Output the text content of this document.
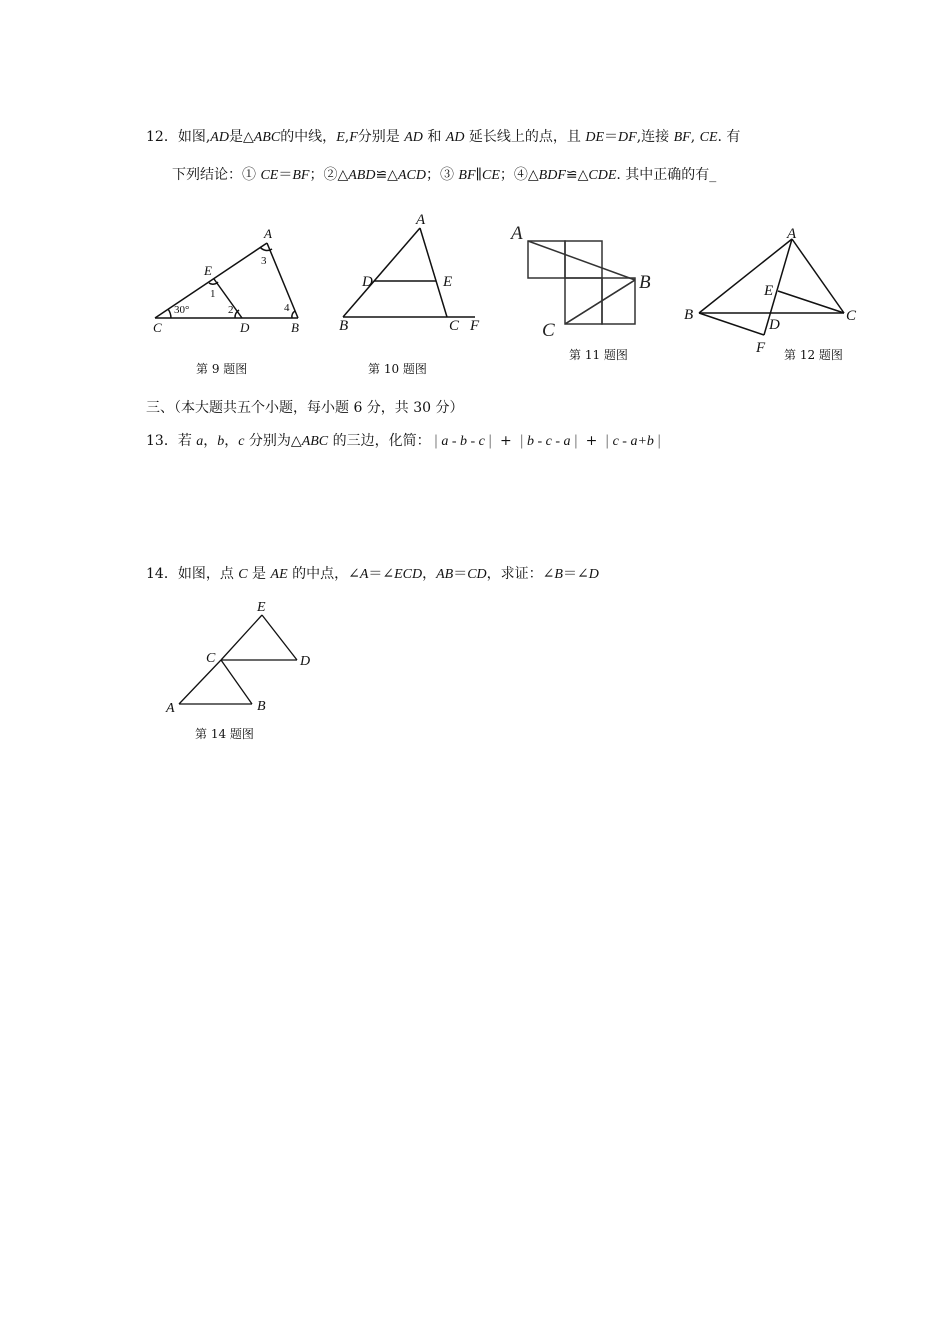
12．如图,AD是△ABC的中线，E,F分别是 AD 和 AD 延长线上的点，且 DE＝DF,连接 BF, CE. 有
下列结论：① CE＝BF；②△ABD≌△ACD；③ BF∥CE；④△BDF≌△CDE. 其中正确的有_
A
E
C	D	B
1
2
3
4
30°
第 9 题图
A
D	E
B	C F
第 10 题图
A
B
C
第 11 题图
A
E
B
D
C
F 第 12 题图
三、（本大题共五个小题，每小题 6 分，共 30 分）
13．若 a，b，c 分别为△ABC 的三边，化简： | a - b - c | + | b - c - a | + | c - a+b |
14．如图，点 C 是 AE 的中点，∠A＝∠ECD，AB＝CD，求证：∠B＝∠D
E
C	D
A	B
第 14 题图
